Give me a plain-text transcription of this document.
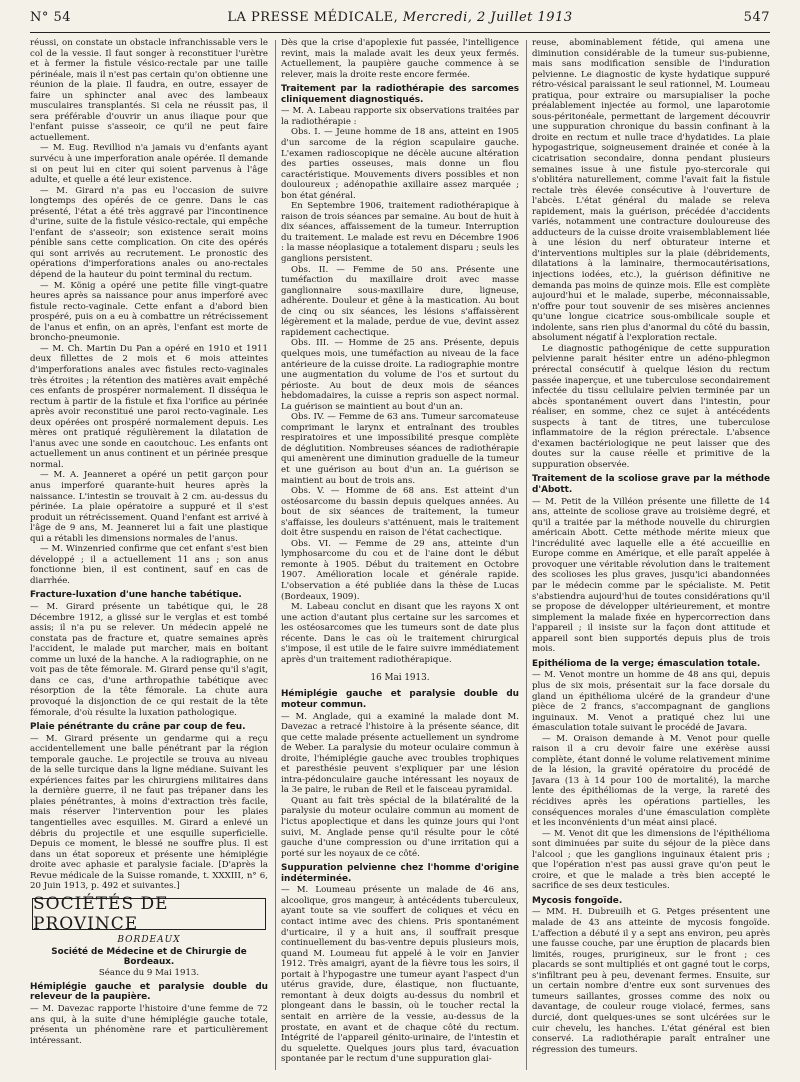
N° 54	LA PRESSE MÉDICALE, Mercredi, 2 Juillet 1913	547

réussi, on constate un obstacle infranchissable vers le col de la vessie. Il faut songer à reconstituer l'urètre et à fermer la fistule vésico-rectale par une taille périnéale, mais il n'est pas certain qu'on obtienne une réunion de la plaie. Il faudra, en outre, essayer de faire un sphincter anal avec des lambeaux musculaires transplantés. Si cela ne réussit pas, il sera préférable d'ouvrir un anus iliaque pour que l'enfant puisse s'asseoir, ce qu'il ne peut faire actuellement.

— M. Eug. Revilliod n'a jamais vu d'enfants ayant survécu à une imperforation anale opérée. Il demande si on peut lui en citer qui soient parvenus à l'âge adulte, et quelle a été leur existence.

— M. Girard n'a pas eu l'occasion de suivre longtemps des opérés de ce genre. Dans le cas présenté, l'état a été très aggravé par l'incontinence d'urine, suite de la fistule vésico-rectale, qui empêche l'enfant de s'asseoir; son existence serait moins pénible sans cette complication. On cite des opérés qui sont arrivés au recrutement. Le pronostic des opérations d'imperforations anales ou ano-rectales dépend de la hauteur du point terminal du rectum.

— M. König a opéré une petite fille vingt-quatre heures après sa naissance pour anus imperforé avec fistule recto-vaginale. Cette enfant a d'abord bien prospéré, puis on a eu à combattre un rétrécissement de l'anus et enfin, on an après, l'enfant est morte de broncho-pneumonie.

— M. Ch. Martin Du Pan a opéré en 1910 et 1911 deux fillettes de 2 mois et 6 mois atteintes d'imperforations anales avec fistules recto-vaginales très étroites ; la rétention des matières avait empêché ces enfants de prospérer normalement. Il disséqua le rectum à partir de la fistule et fixa l'orifice au périnée après avoir reconstitué une paroi recto-vaginale. Les deux opérées ont prospéré normalement depuis. Les mères ont pratiqué régulièrement la dilatation de l'anus avec une sonde en caoutchouc. Les enfants ont actuellement un anus continent et un périnée presque normal.

— M. A. Jeanneret a opéré un petit garçon pour anus imperforé quarante-huit heures après la naissance. L'intestin se trouvait à 2 cm. au-dessus du périnée. La plaie opératoire a suppuré et il s'est produit un rétrécissement. Quand l'enfant est arrivé à l'âge de 9 ans, M. Jeanneret lui a fait une plastique qui a rétabli les dimensions normales de l'anus.

— M. Winzenried confirme que cet enfant s'est bien développé ; il a actuellement 11 ans ; son anus fonctionne bien, il est continent, sauf en cas de diarrhée.

Fracture-luxation d'une hanche tabétique.

— M. Girard présente un tabétique qui, le 28 Décembre 1912, a glissé sur le verglas et est tombé assis; il n'a pu se relever. Un médecin appelé ne constata pas de fracture et, quatre semaines après l'accident, le malade put marcher, mais en boitant comme un luxé de la hanche. A la radiographie, on ne voit pas de tête fémorale. M. Girard pense qu'il s'agit, dans ce cas, d'une arthropathie tabétique avec résorption de la tête fémorale. La chute aura provoqué la disjonction de ce qui restait de la tête fémorale, d'où résulte la luxation pathologique.

Plaie pénétrante du crâne par coup de feu.

— M. Girard présente un gendarme qui a reçu accidentellement une balle pénétrant par la région temporale gauche. Le projectile se trouva au niveau de la selle turcique dans la ligne médiane. Suivant les expériences faites par les chirurgiens militaires dans la dernière guerre, il ne faut pas trépaner dans les plaies pénétrantes, à moins d'extraction très facile, mais réserver l'intervention pour les plaies tangentielles avec esquilles. M. Girard a enlevé un débris du projectile et une esquille superficielle. Depuis ce moment, le blessé ne souffre plus. Il est dans un état soporeux et présente une hémiplégie droite avec aphasie et paralysie faciale. [D'après la Revue médicale de la Suisse romande, t. XXXIII, n° 6, 20 Juin 1913, p. 492 et suivantes.]

SOCIÉTÉS DE PROVINCE
BORDEAUX
Société de Médecine et de Chirurgie de Bordeaux.
Séance du 9 Mai 1913.
Hémiplégie gauche et paralysie double du releveur de la paupière.

— M. Davezac rapporte l'histoire d'une femme de 72 ans qui, à la suite d'une hémiplégie gauche totale, présenta un phénomène rare et particulièrement intéressant.

Dès que la crise d'apoplexie fut passée, l'intelligence revint, mais la malade avait les deux yeux fermés. Actuellement, la paupière gauche commence à se relever, mais la droite reste encore fermée.

Traitement par la radiothérapie des sarcomes cliniquement diagnostiqués.

— M. A. Labeau rapporte six observations traitées par la radiothérapie :

Obs. I. — Jeune homme de 18 ans, atteint en 1905 d'un sarcome de la région scapulaire gauche. L'examen radioscopique ne décèle aucune altération des parties osseuses, mais donne un flou caractéristique. Mouvements divers possibles et non douloureux ; adénopathie axillaire assez marquée ; bon état général.

En Septembre 1906, traitement radiothérapique à raison de trois séances par semaine. Au bout de huit à dix séances, affaissement de la tumeur. Interruption du traitement. Le malade est revu en Décembre 1906 : la masse néoplasique a totalement disparu ; seuls les ganglions persistent.

Obs. II. — Femme de 50 ans. Présente une tuméfaction du maxillaire droit avec masse ganglionnaire sous-maxillaire dure, ligneuse, adhérente. Douleur et gêne à la mastication. Au bout de cinq ou six séances, les lésions s'affaissèrent légèrement et la malade, perdue de vue, devint assez rapidement cachectique.

Obs. III. — Homme de 25 ans. Présente, depuis quelques mois, une tuméfaction au niveau de la face antérieure de la cuisse droite. La radiographie montre une augmentation du volume de l'os et surtout du périoste. Au bout de deux mois de séances hebdomadaires, la cuisse a repris son aspect normal. La guérison se maintient au bout d'un an.

Obs. IV. — Femme de 63 ans. Tumeur sarcomateuse comprimant le larynx et entraînant des troubles respiratoires et une impossibilité presque complète de déglutition. Nombreuses séances de radiothérapie qui amenèrent une diminution graduelle de la tumeur et une guérison au bout d'un an. La guérison se maintient au bout de trois ans.

Obs. V. — Homme de 68 ans. Est atteint d'un ostéosarcome du bassin depuis quelques années. Au bout de six séances de traitement, la tumeur s'affaisse, les douleurs s'atténuent, mais le traitement doit être suspendu en raison de l'état cachectique.

Obs. VI. — Femme de 29 ans, atteinte d'un lymphosarcome du cou et de l'aine dont le début remonte à 1905. Début du traitement en Octobre 1907. Amélioration locale et générale rapide. L'observation a été publiée dans la thèse de Lucas (Bordeaux, 1909).

M. Labeau conclut en disant que les rayons X ont une action d'autant plus certaine sur les sarcomes et les ostéosarcomes que les tumeurs sont de date plus récente. Dans le cas où le traitement chirurgical s'impose, il est utile de le faire suivre immédiatement après d'un traitement radiothérapique.

16 Mai 1913.
Hémiplégie gauche et paralysie double du moteur commun.

— M. Anglade, qui a examiné la malade dont M. Davezac a retracé l'histoire à la présente séance, dit que cette malade présente actuellement un syndrome de Weber. La paralysie du moteur oculaire commun à droite, l'hémiplégie gauche avec troubles trophiques et paresthésie peuvent s'expliquer par une lésion intra-pédonculaire gauche intéressant les noyaux de la 3e paire, le ruban de Reil et le faisceau pyramidal.

Quant au fait très spécial de la bilatéralité de la paralysie du moteur oculaire commun au moment de l'ictus apoplectique et dans les quinze jours qui l'ont suivi, M. Anglade pense qu'il résulte pour le côté gauche d'une compression ou d'une irritation qui a porté sur les noyaux de ce côté.

Suppuration pelvienne chez l'homme d'origine indéterminée.

— M. Loumeau présente un malade de 46 ans, alcoolique, gros mangeur, à antécédents tuberculeux, ayant toute sa vie souffert de coliques et vécu en contact intime avec des chiens. Pris spontanément d'urticaire, il y a huit ans, il souffrait presque continuellement du bas-ventre depuis plusieurs mois, quand M. Loumeau fut appelé à le voir en Janvier 1912. Très amaigri, ayant de la fièvre tous les soirs, il portait à l'hypogastre une tumeur ayant l'aspect d'un utérus gravide, dure, élastique, non fluctuante, remontant à deux doigts au-dessus du nombril et plongeant dans le bassin, où le toucher rectal la sentait en arrière de la vessie, au-dessus de la prostate, en avant et de chaque côté du rectum. Intégrité de l'appareil génito-urinaire, de l'intestin et du squelette. Quelques jours plus tard, évacuation spontanée par le rectum d'une suppuration glai-

reuse, abominablement fétide, qui amena une diminution considérable de la tumeur sus-pubienne, mais sans modification sensible de l'induration pelvienne. Le diagnostic de kyste hydatique suppuré rétro-vésical paraissant le seul rationnel, M. Loumeau pratiqua, pour extraire ou marsupialiser la poche préalablement injectée au formol, une laparotomie sous-péritonéale, permettant de largement découvrir une suppuration chronique du bassin confinant à la droite en rectum et nulle trace d'hydatides. La plaie hypogastrique, soigneusement drainée et conée à la cicatrisation secondaire, donna pendant plusieurs semaines issue à une fistule pyo-stercorale qui s'oblitéra naturellement, comme l'avait fait la fistule rectale très élevée consécutive à l'ouverture de l'abcès. L'état général du malade se releva rapidement, mais la guérison, précédée d'accidents variés, notamment une contracture douloureuse des adducteurs de la cuisse droite vraisemblablement liée à une lésion du nerf obturateur interne et d'interventions multiples sur la plaie (débridements, dilatations à la laminaire, thermocautérisations, injections iodées, etc.), la guérison définitive ne demanda pas moins de quinze mois. Elle est complète aujourd'hui et le malade, superbe, méconnaissable, n'offre pour tout souvenir de ses misères anciennes qu'une longue cicatrice sous-ombilicale souple et indolente, sans rien plus d'anormal du côté du bassin, absolument négatif à l'exploration rectale.

Le diagnostic pathogénique de cette suppuration pelvienne parait hésiter entre un adéno-phlegmon prérectal consécutif à quelque lésion du rectum passée inaperçue, et une tuberculose secondairement infectée du tissu cellulaire pelvien terminée par un abcès spontanément ouvert dans l'intestin, pour réaliser, en somme, chez ce sujet à antécédents suspects à tant de titres, une tuberculose inflammatoire de la région prérectale. L'absence d'examen bactériologique ne peut laisser que des doutes sur la cause réelle et primitive de la suppuration observée.

Traitement de la scoliose grave par la méthode d'Abott.

— M. Petit de la Villéon présente une fillette de 14 ans, atteinte de scoliose grave au troisième degré, et qu'il a traitée par la méthode nouvelle du chirurgien américain Abott. Cette méthode mérite mieux que l'incrédulité avec laquelle elle a été accueillie en Europe comme en Amérique, et elle paraît appelée à provoquer une véritable révolution dans le traitement des scolioses les plus graves, jusqu'ici abandonnées par le médecin comme par le spécialiste. M. Petit s'abstiendra aujourd'hui de toutes considérations qu'il se propose de développer ultérieurement, et montre simplement la malade fixée en hypercorrection dans l'appareil ; il insiste sur la façon dont attitude et appareil sont bien supportés depuis plus de trois mois.

Epithélioma de la verge; émasculation totale.

— M. Venot montre un homme de 48 ans qui, depuis plus de six mois, présentait sur la face dorsale du gland un épithélioma ulcéré de la grandeur d'une pièce de 2 francs, s'accompagnant de ganglions inguinaux. M. Venot a pratiqué chez lui une émasculation totale suivant le procédé de Javara.

— M. Oraison demande à M. Venot pour quelle raison il a cru devoir faire une exérèse aussi complète, étant donné le volume relativement minime de la lésion, la gravité opératoire du procédé de Javara (13 à 14 pour 100 de mortalité), la marche lente des épithéliomas de la verge, la rareté des récidives après les opérations partielles, les conséquences morales d'une émasculation complète et les inconvénients d'un méat ainsi placé.

— M. Venot dit que les dimensions de l'épithélioma sont diminuées par suite du séjour de la pièce dans l'alcool ; que les ganglions inguinaux étaient pris ; que l'opération n'est pas aussi grave qu'on peut le croire, et que le malade a très bien accepté le sacrifice de ses deux testicules.

Mycosis fongoïde.

— MM. H. Dubreuilh et G. Petges présentent une malade de 43 ans atteinte de mycosis fongoïde. L'affection a débuté il y a sept ans environ, peu après une fausse couche, par une éruption de placards bien limités, rouges, prurigineux, sur le front ; ces placards se sont multipliés et ont gagné tout le corps, s'infiltrant peu à peu, devenant fermes. Ensuite, sur un certain nombre d'entre eux sont survenues des tumeurs saillantes, grosses comme des noix ou davantage, de couleur rouge violacé, fermes, sans durcié, dont quelques-unes se sont ulcérées sur le cuir chevelu, les hanches. L'état général est bien conservé. La radiothérapie paraît entraîner une régression des tumeurs.
